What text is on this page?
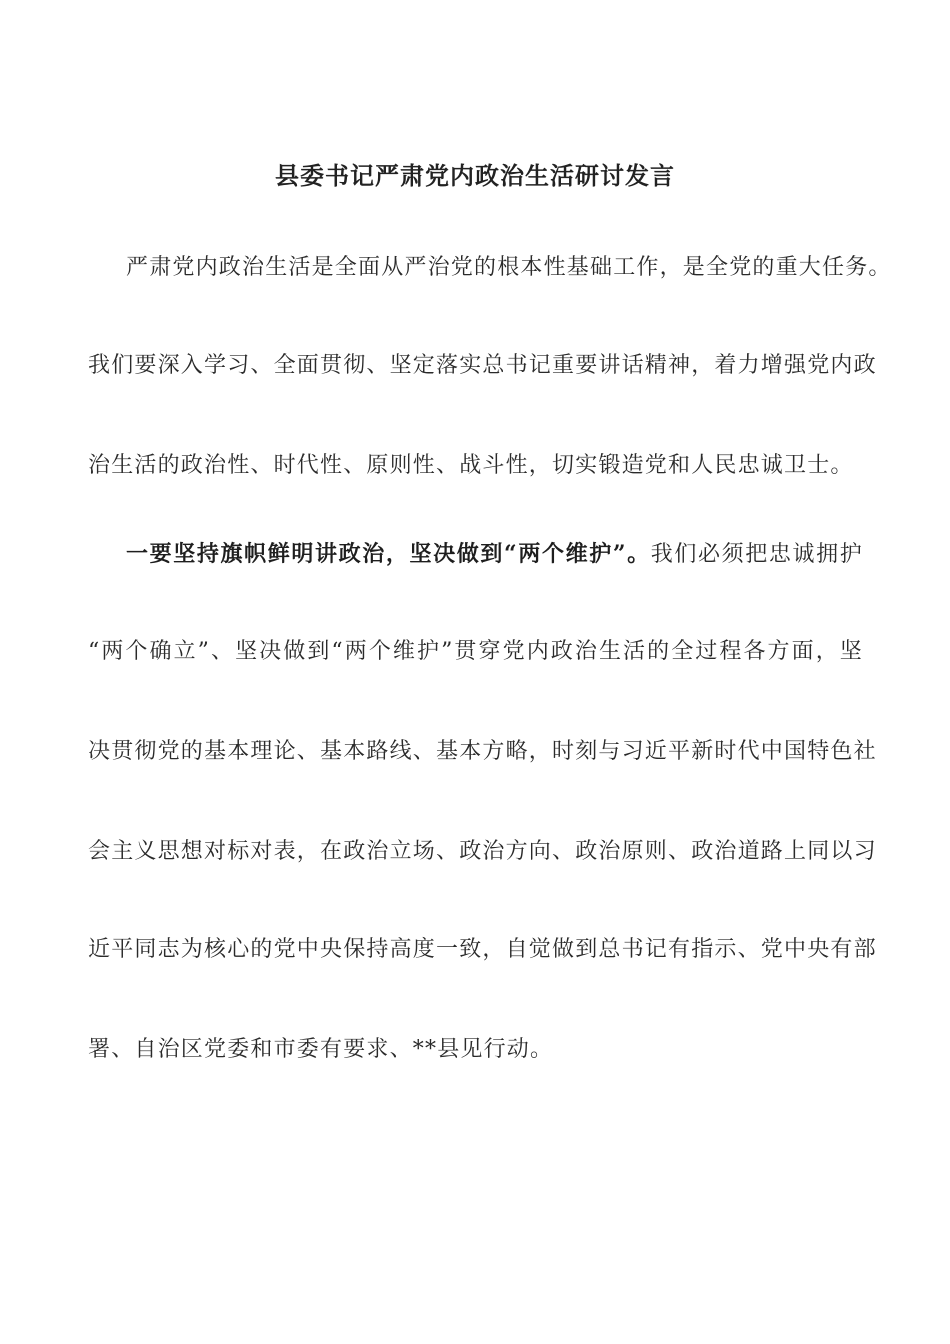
县委书记严肃党内政治生活研讨发言
严肃党内政治生活是全面从严治党的根本性基础工作，是全党的重大任务。
我们要深入学习、全面贯彻、坚定落实总书记重要讲话精神，着力增强党内政
治生活的政治性、时代性、原则性、战斗性，切实锻造党和人民忠诚卫士。
一要坚持旗帜鲜明讲政治，坚决做到“两个维护”。我们必须把忠诚拥护
“两个确立”、坚决做到“两个维护”贯穿党内政治生活的全过程各方面，坚
决贯彻党的基本理论、基本路线、基本方略，时刻与习近平新时代中国特色社
会主义思想对标对表，在政治立场、政治方向、政治原则、政治道路上同以习
近平同志为核心的党中央保持高度一致，自觉做到总书记有指示、党中央有部
署、自治区党委和市委有要求、**县见行动。
